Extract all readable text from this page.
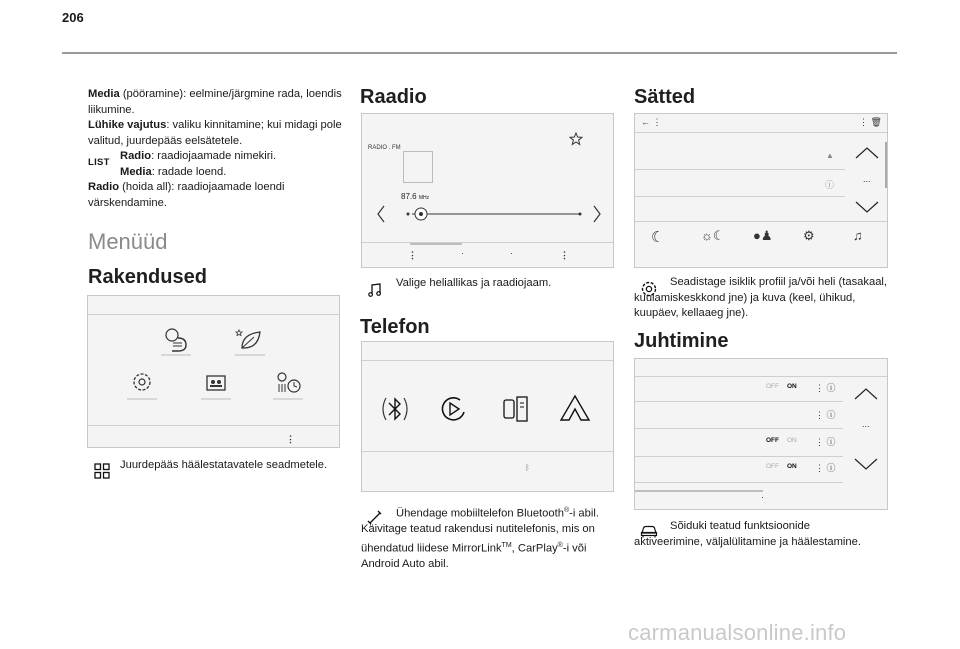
206
Media (pööramine): eelmine/järgmine rada, loendis liikumine.
Lühike vajutus: valiku kinnitamine; kui midagi pole valitud, juurdepääs eelsätetele.
LIST
Radio: raadiojaamade nimekiri.
Media: radade loend.
Radio (hoida all): raadiojaamade loendi värskendamine.
Menüüd
Rakendused
⋮
Juurdepääs häälestatavatele seadmetele.
Raadio
RADIO . FM
87.6 MHz
⋮	·	·	⋮
Valige heliallikas ja raadiojaam.
Telefon
ᛒ
Ühendage mobiiltelefon Bluetooth®-i abil. Käivitage teatud rakendusi nutitelefonis, mis on ühendatud liidese MirrorLink™, CarPlay®-i või Android Auto abil.
Sätted
← ⋮	⋮ 🗑
▲
ⓘ
...
☾	☼☾ ●♟ ⚙	♫
Seadistage isiklik profiil ja/või heli (tasakaal, kuulamiskeskkond jne) ja kuva (keel, ühikud, kuupäev, kellaaeg jne).
Juhtimine
OFF ON ⋮ ⓘ
⋮ ⓘ
OFF ON ⋮ ⓘ
OFF ON ⋮ ⓘ
...
·
Sõiduki teatud funktsioonide aktiveerimine, väljalülitamine ja häälestamine.
carmanualsonline.info
